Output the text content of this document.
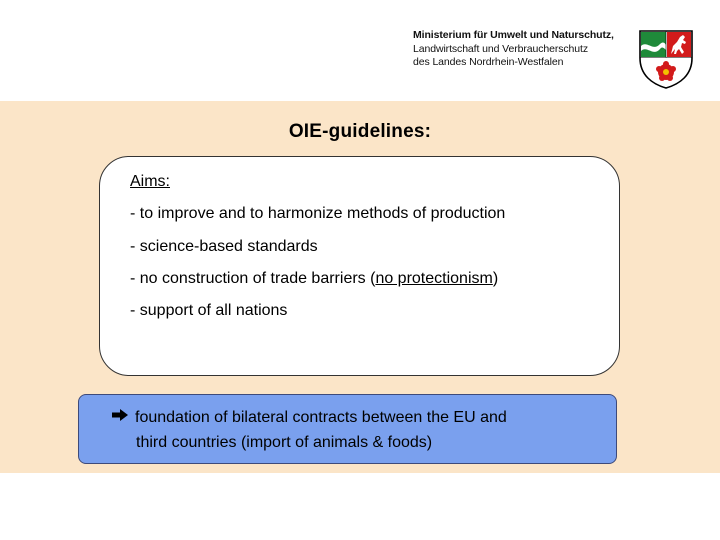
Ministerium für Umwelt und Naturschutz,
Landwirtschaft und Verbraucherschutz
des Landes Nordrhein-Westfalen
OIE-guidelines:
Aims:
- to improve and to harmonize methods of production
- science-based standards
- no construction of trade barriers (no protectionism)
- support of all nations
foundation of bilateral contracts between the EU and
third countries (import of animals & foods)
